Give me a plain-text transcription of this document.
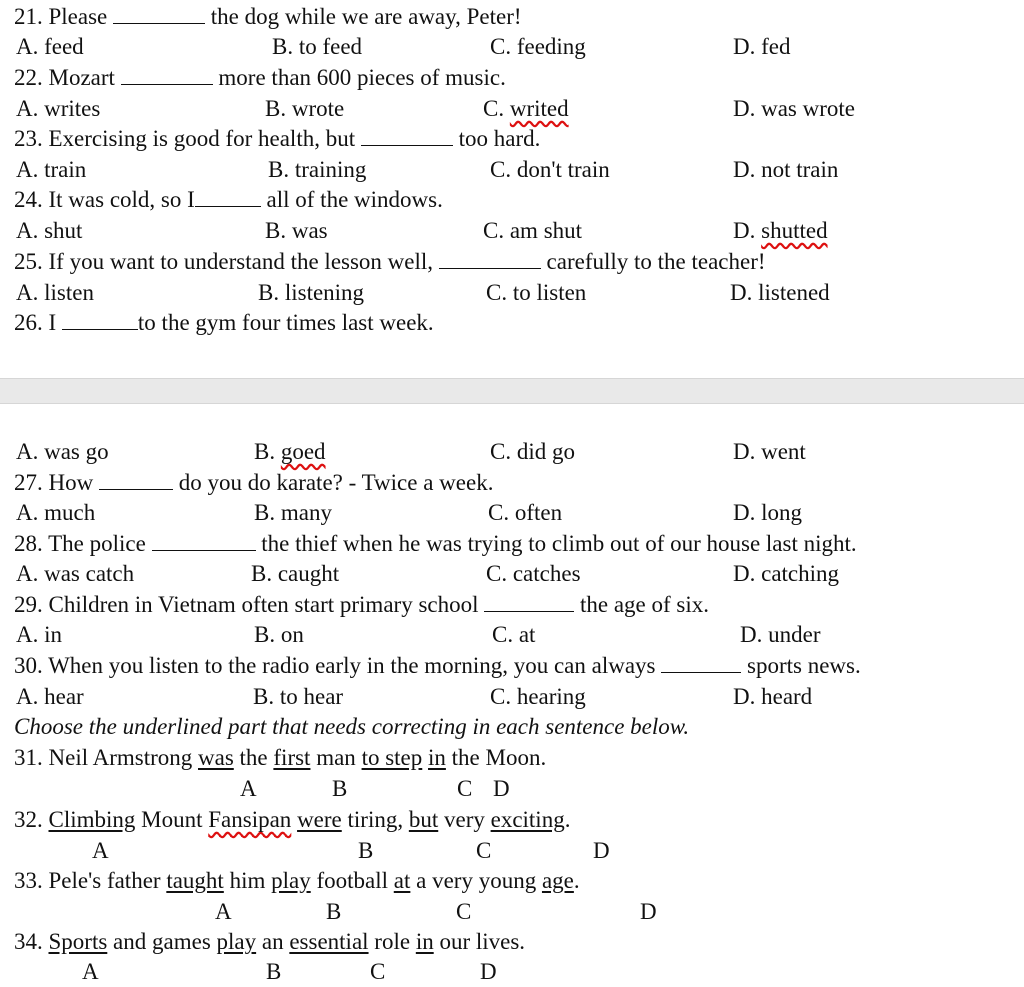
21. Please	the dog while we are away, Peter!
A. feed	B. to feed	C. feeding	D. fed
22. Mozart	more than 600 pieces of music.
A. writes	B. wrote	C. writed	D. was wrote
23. Exercising is good for health, but	too hard.
A. train	B. training	C. don't train	D. not train
24. It was cold, so I	all of the windows.
A. shut	B. was	C. am shut	D. shutted
25. If you want to understand the lesson well,	carefully to the teacher!
A. listen	B. listening	C. to listen	D. listened
26. I	to the gym four times last week.
A. was go	B. goed	C. did go	D. went
27. How	do you do karate? - Twice a week.
A. much	B. many	C. often	D. long
28. The police	the thief when he was trying to climb out of our house last night.
A. was catch	B. caught	C. catches	D. catching
29. Children in Vietnam often start primary school	the age of six.
A. in	B. on	C. at	D. under
30. When you listen to the radio early in the morning, you can always	sports news.
A. hear	B. to hear	C. hearing	D. heard
Choose the underlined part that needs correcting in each sentence below.
31. Neil Armstrong was the first man to step in the Moon.
A	B	C D
32. Climbing Mount Fansipan were tiring, but very exciting.
A	B	C	D
33. Pele's father taught him play football at a very young age.
A	B	C	D
34. Sports and games play an essential role in our lives.
A	B	C	D
